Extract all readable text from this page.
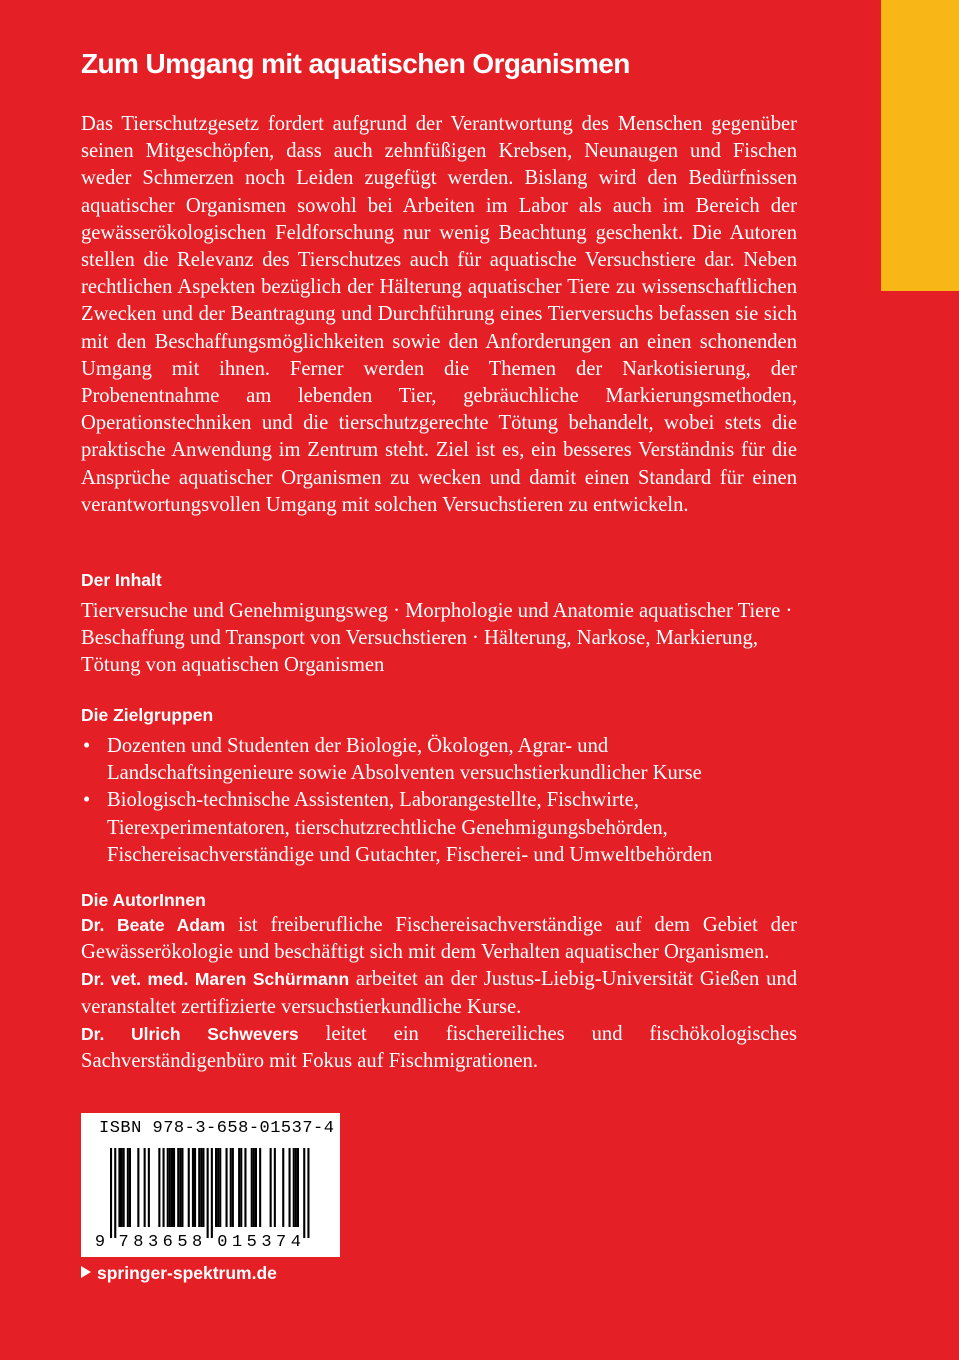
Zum Umgang mit aquatischen Organismen

Das Tierschutzgesetz fordert aufgrund der Verantwortung des Menschen gegenüber seinen Mitgeschöpfen, dass auch zehnfüßigen Krebsen, Neunaugen und Fischen weder Schmerzen noch Leiden zugefügt werden. Bislang wird den Bedürfnissen aquatischer Organismen sowohl bei Arbeiten im Labor als auch im Bereich der gewässerökologischen Feldforschung nur wenig Beachtung geschenkt. Die Autoren stellen die Relevanz des Tierschutzes auch für aquatische Versuchstiere dar. Neben rechtlichen Aspekten bezüglich der Hälterung aquatischer Tiere zu wissenschaftlichen Zwecken und der Beantragung und Durchführung eines Tierversuchs befassen sie sich mit den Beschaffungsmöglichkeiten sowie den Anforderungen an einen schonenden Umgang mit ihnen. Ferner werden die Themen der Narkotisierung, der Probenentnahme am lebenden Tier, gebräuchliche Markierungsmethoden, Operationstechniken und die tierschutzgerechte Tötung behandelt, wobei stets die praktische Anwendung im Zentrum steht. Ziel ist es, ein besseres Verständnis für die Ansprüche aquatischer Organismen zu wecken und damit einen Standard für einen verantwortungsvollen Umgang mit solchen Versuchstieren zu entwickeln.

Der Inhalt

Tierversuche und Genehmigungsweg · Morphologie und Anatomie aquatischer Tiere · Beschaffung und Transport von Versuchstieren · Hälterung, Narkose, Markierung, Tötung von aquatischen Organismen

Die Zielgruppen
• Dozenten und Studenten der Biologie, Ökologen, Agrar- und Landschaftsingenieure sowie Absolventen versuchstierkundlicher Kurse
• Biologisch-technische Assistenten, Laborangestellte, Fischwirte, Tierexperimentatoren, tierschutzrechtliche Genehmigungsbehörden, Fischereisachverständige und Gutachter, Fischerei- und Umweltbehörden
Die AutorInnen

Dr. Beate Adam ist freiberufliche Fischereisachverständige auf dem Gebiet der Gewässerökologie und beschäftigt sich mit dem Verhalten aquatischer Organismen.

Dr. vet. med. Maren Schürmann arbeitet an der Justus-Liebig-Universität Gießen und veranstaltet zertifizierte versuchstierkundliche Kurse.

Dr. Ulrich Schwevers leitet ein fischereiliches und fischökologisches Sachverständigenbüro mit Fokus auf Fischmigrationen.

ISBN 978-3-658-01537-4
9 7 8 3 6 5 8 0 1 5 3 7 4
springer-spektrum.de
